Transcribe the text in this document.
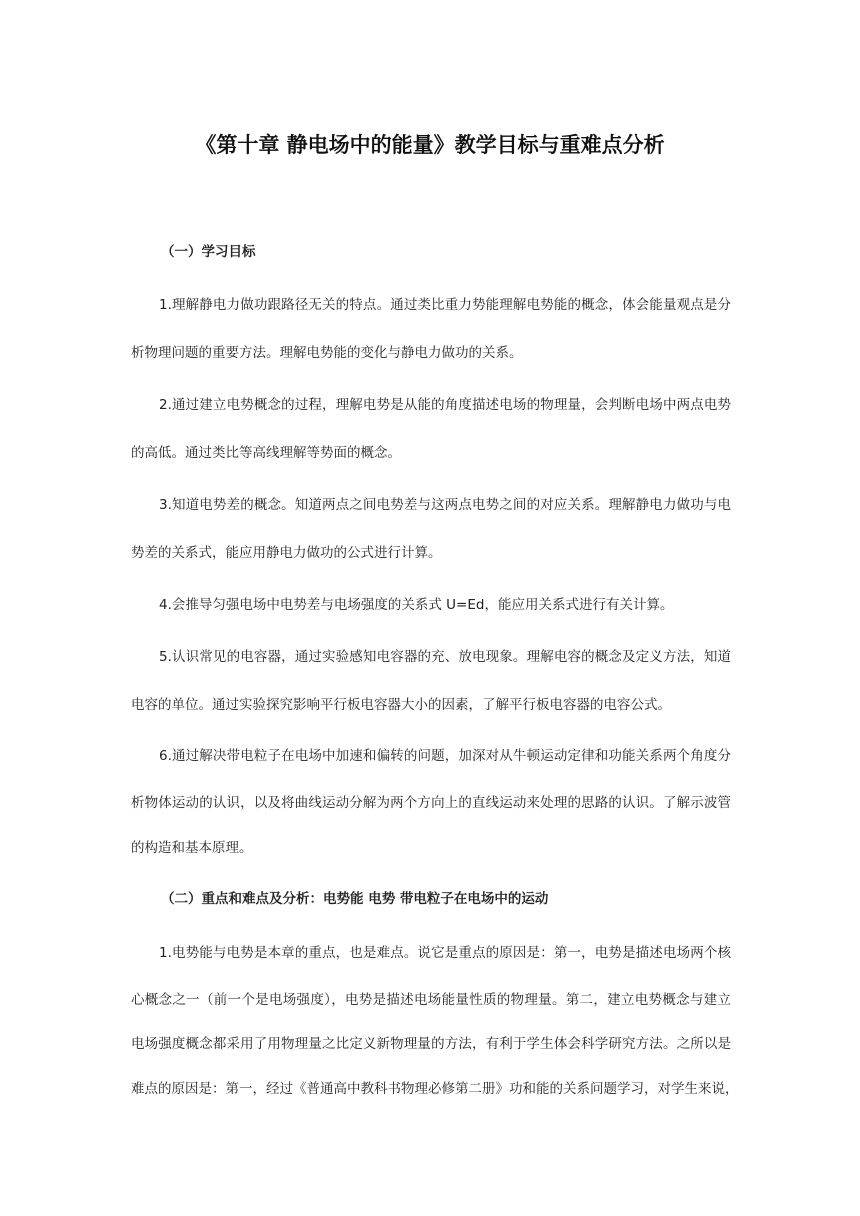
《第十章 静电场中的能量》教学目标与重难点分析
（一）学习目标
1.理解静电力做功跟路径无关的特点。通过类比重力势能理解电势能的概念，体会能量观点是分
析物理问题的重要方法。理解电势能的变化与静电力做功的关系。
2.通过建立电势概念的过程，理解电势是从能的角度描述电场的物理量，会判断电场中两点电势
的高低。通过类比等高线理解等势面的概念。
3.知道电势差的概念。知道两点之间电势差与这两点电势之间的对应关系。理解静电力做功与电
势差的关系式，能应用静电力做功的公式进行计算。
4.会推导匀强电场中电势差与电场强度的关系式 U=Ed，能应用关系式进行有关计算。
5.认识常见的电容器，通过实验感知电容器的充、放电现象。理解电容的概念及定义方法，知道
电容的单位。通过实验探究影响平行板电容器大小的因素，了解平行板电容器的电容公式。
6.通过解决带电粒子在电场中加速和偏转的问题，加深对从牛顿运动定律和功能关系两个角度分
析物体运动的认识，以及将曲线运动分解为两个方向上的直线运动来处理的思路的认识。了解示波管
的构造和基本原理。
（二）重点和难点及分析：电势能 电势 带电粒子在电场中的运动
1.电势能与电势是本章的重点，也是难点。说它是重点的原因是：第一，电势是描述电场两个核
心概念之一（前一个是电场强度），电势是描述电场能量性质的物理量。第二，建立电势概念与建立
电场强度概念都采用了用物理量之比定义新物理量的方法，有利于学生体会科学研究方法。之所以是
难点的原因是：第一，经过《普通高中教科书物理必修第二册》功和能的关系问题学习，对学生来说，
